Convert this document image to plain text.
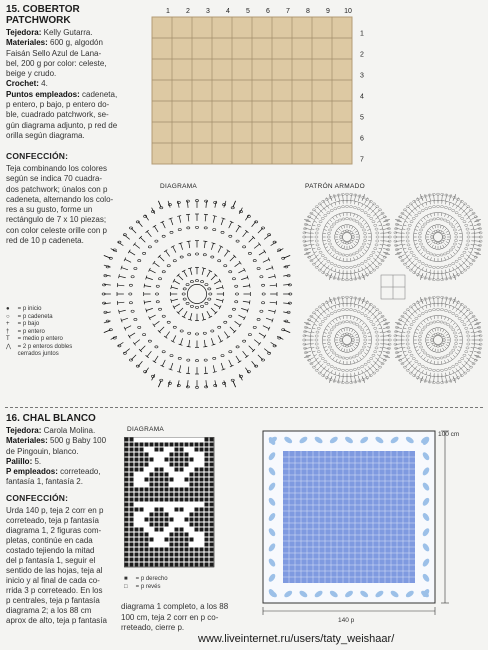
15. COBERTOR
PATCHWORK
Tejedora: Kelly Gutarra.
Materiales: 600 g, algodón
Faisán Sello Azul de Lana-
bel, 200 g por color: celeste,
beige y crudo.
Crochet: 4.
Puntos empleados: cadeneta,
p entero, p bajo, p entero do-
ble, cuadrado patchwork, se-
gún diagrama adjunto, p red de
orilla según diagrama.
CONFECCIÓN:
Teja combinando los colores
según se indica 70 cuadra-
dos patchwork; únalos con p
cadeneta, alternando los colo-
res a su gusto, forme un
rectángulo de 7 x 10 piezas;
con color celeste orille con p
red de 10 p cadeneta.
● = p inicio
○ = p cadeneta
+ = p bajo
† = p entero
T = medio p entero
⋀ = 2 p enteros dobles
cerrados juntos
1 2 3 4 5 6 7 8 9 10
1
2
3
4
5
6
7
DIAGRAMA	PATRÓN ARMADO
16. CHAL BLANCO
Tejedora: Carola Molina.
Materiales: 500 g Baby 100
de Pingouin, blanco.
Palillo: 5.
P empleados: correteado,
fantasía 1, fantasía 2.
CONFECCIÓN:
Urda 140 p, teja 2 corr en p
correteado, teja p fantasía
diagrama 1, 2 figuras com-
pletas, continúe en cada
costado tejiendo la mitad
del p fantasía 1, seguir el
sentido de las hojas, teja al
inicio y al final de cada co-
rrida 3 p correteado. En los
p centrales, teja p fantasía
diagrama 2; a los 88 cm
aprox de alto, teja p fantasía
DIAGRAMA
■ = p derecho
□ = p revés
diagrama 1 completo, a los 88
100 cm, teja 2 corr en p co-
rreteado, cierre p.
100 cm
140 p
www.liveinternet.ru/users/taty_weishaar/
